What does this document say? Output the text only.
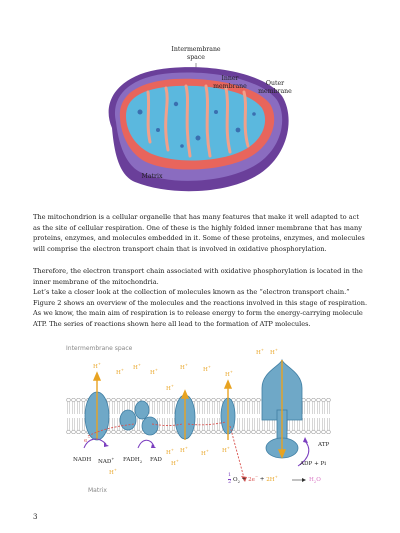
Intermembrane
space
Inner
membrane	Outer
membrane
Matrix

The mitochondrion is a cellular organelle that has many features that make it well adapted to act
as the site of cellular respiration. One of these is the highly folded inner membrane that has many
proteins, enzymes, and molecules embedded in it. Some of these proteins, enzymes, and molecules
will comprise the electron transport chain that is involved in oxidative phosphorylation.

Therefore, the electron transport chain associated with oxidative phosphorylation is located in the
inner membrane of the mitochondria.
Let’s take a closer look at the collection of molecules known as the “electron transport chain.”
Figure 2 shows an overview of the molecules and the reactions involved in this stage of respiration.
As we know, the main aim of respiration is to release energy to form the energy-carrying molecule
ATP. The series of reactions shown here all lead to the formation of ATP molecules.

Intermembrane space
Matrix
H+
H+ H+
H+	H+
H+
H+
H+
H+ H+
H+ H+
H+ H+
H+
H+
e−
NADH NAD+ $FADH_2$ FAD
ATP
ADP + Pi
$\frac{1}{2} O_2 + 2e^- + 2H^+$
$H_2O$
3
